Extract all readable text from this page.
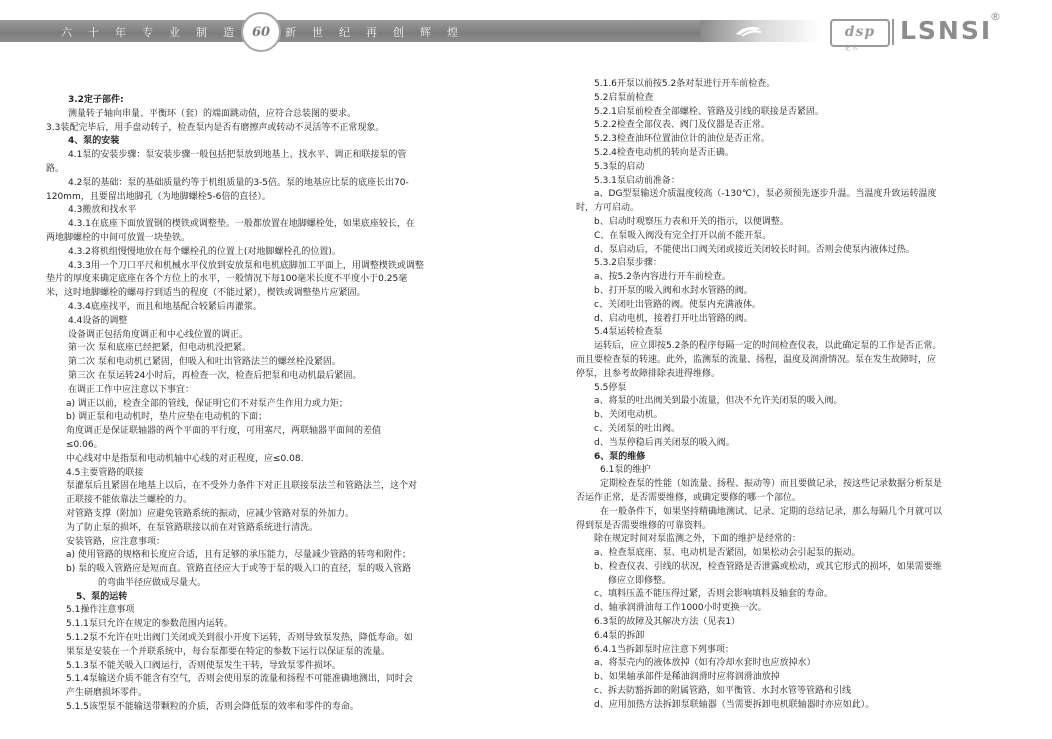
六	十	年	专	业	制	造	60	新	世	纪	再	创	辉	煌	dsp
龙 水
LSNSI
®

3.2定子部件:

测量转子轴向串量、平衡环（套）的端面跳动值，应符合总装图的要求。

3.3装配完毕后，用手盘动转子，检查泵内是否有磨擦声或转动不灵活等不正常现象。

4、泵的安装

4.1泵的安装步骤：泵安装步骤一般包括把泵放到地基上、找水平、调正和联接泵的管

路。

4.2泵的基础：泵的基础质量约等于机组质量的3-5倍。泵的地基应比泵的底座长出70-

120mm，且要留出地脚孔（为地脚螺栓5-6倍的直径）。

4.3搬放和找水平

4.3.1在底座下面放置钢的楔铁或调整垫。一般都放置在地脚螺栓处，如果底座较长，在

两地脚螺栓的中间可放置一块垫铁。

4.3.2将机组慢慢地放在每个螺栓孔的位置上(对地脚螺栓孔的位置)。

4.3.3用一个刀口平尺和机械水平仪放到安放泵和电机底脚加工平面上，用调整楔铁或调整

垫片的厚度来确定底座在各个方位上的水平，一般情况下每100毫米长度不平度小于0.25毫

米，这时地脚螺栓的螺母拧到适当的程度（不能过紧），楔铁或调整垫片应紧固。

4.3.4底座找平，而且和地基配合较紧后再灌浆。

4.4设备的调整

设备调正包括角度调正和中心线位置的调正。

第一次 泵和底座已经把紧，但电动机没把紧。

第二次 泵和电动机已紧固，但吸入和吐出管路法兰的螺丝栓没紧固。

第三次 在泵运转24小时后，再检查一次，检查后把泵和电动机最后紧固。

在调正工作中应注意以下事宜：

a) 调正以前，检查全部的管线，保证明它们不对泵产生作用力或力矩；

b) 调正泵和电动机时，垫片应垫在电动机的下面；

角度调正是保证联轴器的两个平面的平行度，可用塞尺，两联轴器平面间的差值

≤0.06。

中心线对中是指泵和电动机轴中心线的对正程度，应≤0.08.

4.5主要管路的联接

泵灌泵后且紧固在地基上以后，在不受外力条件下对正且联接泵法兰和管路法兰，这个对

正联接不能依靠法兰螺栓的力。

对管路支撑（附加）应避免管路系统的振动，应减少管路对泵的外加力。

为了防止泵的损坏，在泵管路联接以前在对管路系统进行清洗。

安装管路，应注意事项：

a) 使用管路的规格和长度应合适，且有足够的承压能力，尽量减少管路的转弯和附件；

b) 泵的吸入管路应是短而直。管路直径应大于或等于泵的吸入口的直径，泵的吸入管路

的弯曲半径应做成尽量大。

5、泵的运转

5.1操作注意事项

5.1.1泵只允许在规定的参数范围内运转。

5.1.2泵不允许在吐出阀门关闭或关到很小开度下运转，否则导致泵发热，降低寿命。如

果泵是安装在一个并联系统中，每台泵都要在特定的参数下运行以保证泵的流量。

5.1.3泵不能关吸入口阀运行，否则使泵发生干转，导致泵零件损坏。

5.1.4泵输送介质不能含有空气，否则会使用泵的流量和扬程不可能准确地测出，同时会

产生研磨损坏零件。

5.1.5该型泵不能输送带颗粒的介质，否则会降低泵的效率和零件的寿命。

5.1.6开泵以前按5.2条对泵进行开车前检查。

5.2启泵前检查

5.2.1启泵前检查全部螺栓、管路及引线的联接是否紧固。

5.2.2检查全部仪表、阀门及仪器是否正常。

5.2.3检查油环位置油位计的油位是否正常。

5.2.4检查电动机的转向是否正确。

5.3泵的启动

5.3.1泵启动前准备：

a、DG型泵输送介质温度较高（-130℃），泵必须预先逐步升温。当温度升致运转温度

时，方可启动。

b、启动时观察压力表和开关的指示，以便调整。

C、在泵吸入阀没有完全打开以前不能开泵。

d、泵启动后，不能使出口阀关闭或接近关闭较长时间。否则会使泵内液体过热。

5.3.2启泵步骤：

a、按5.2条内容进行开车前检查。

b、打开泵的吸入阀和水封水管路的阀。

c、关闭吐出管路的阀。使泵内充满液体。

d、启动电机，接着打开吐出管路的阀。

5.4泵运转检查泵

运转后，应立即按5.2条的程序每隔一定的时间检查仪表，以此确定泵的工作是否正常。

而且要检查泵的转速。此外，监测泵的流量、扬程，温度及润滑情况。泵在发生故障时，应

停泵，且参考故障排除表进得维修。

5.5停泵

a、将泵的吐出阀关到最小流量，但决不允许关闭泵的吸入阀。

b、关闭电动机。

c、关闭泵的吐出阀。

d、当泵停稳后再关闭泵的吸入阀。

6、泵的维修

6.1泵的维护

定期检查泵的性能（如流量、扬程、振动等）而且要做记录，按这些记录数据分析泵是

否运作正常，是否需要维修，或确定要修的哪一个部位。

在一般条件下，如果坚持精确地测试、记录、定期的总结记录，那么每隔几个月就可以

得到泵是否需要维修的可靠资料。

除在规定时间对泵监测之外，下面的维护是经常的：

a、检查泵底座、泵、电动机是否紧固，如果松动会引起泵的振动。

b、检查仪表、引线的状况，检查管路是否泄露或松动，或其它形式的损坏，如果需要维

修应立即修整。

c、填料压盖不能压得过紧，否则会影响填料及轴套的寿命。

d、轴承润滑油每工作1000小时更换一次。

6.3泵的故障及其解决方法（见表1）

6.4泵的拆卸

6.4.1当拆卸泵时应注意下列事项：

a、将泵壳内的液体放掉（如有冷却水套时也应放掉水）

b、如果轴承部件是稀油润滑时应将润滑油放掉

c、拆去防豁拆卸的附属管路，如平衡管、水封水管等管路和引线

d、应用加热方法拆卸泵联轴器（当需要拆卸电机联轴器时亦应如此）。
